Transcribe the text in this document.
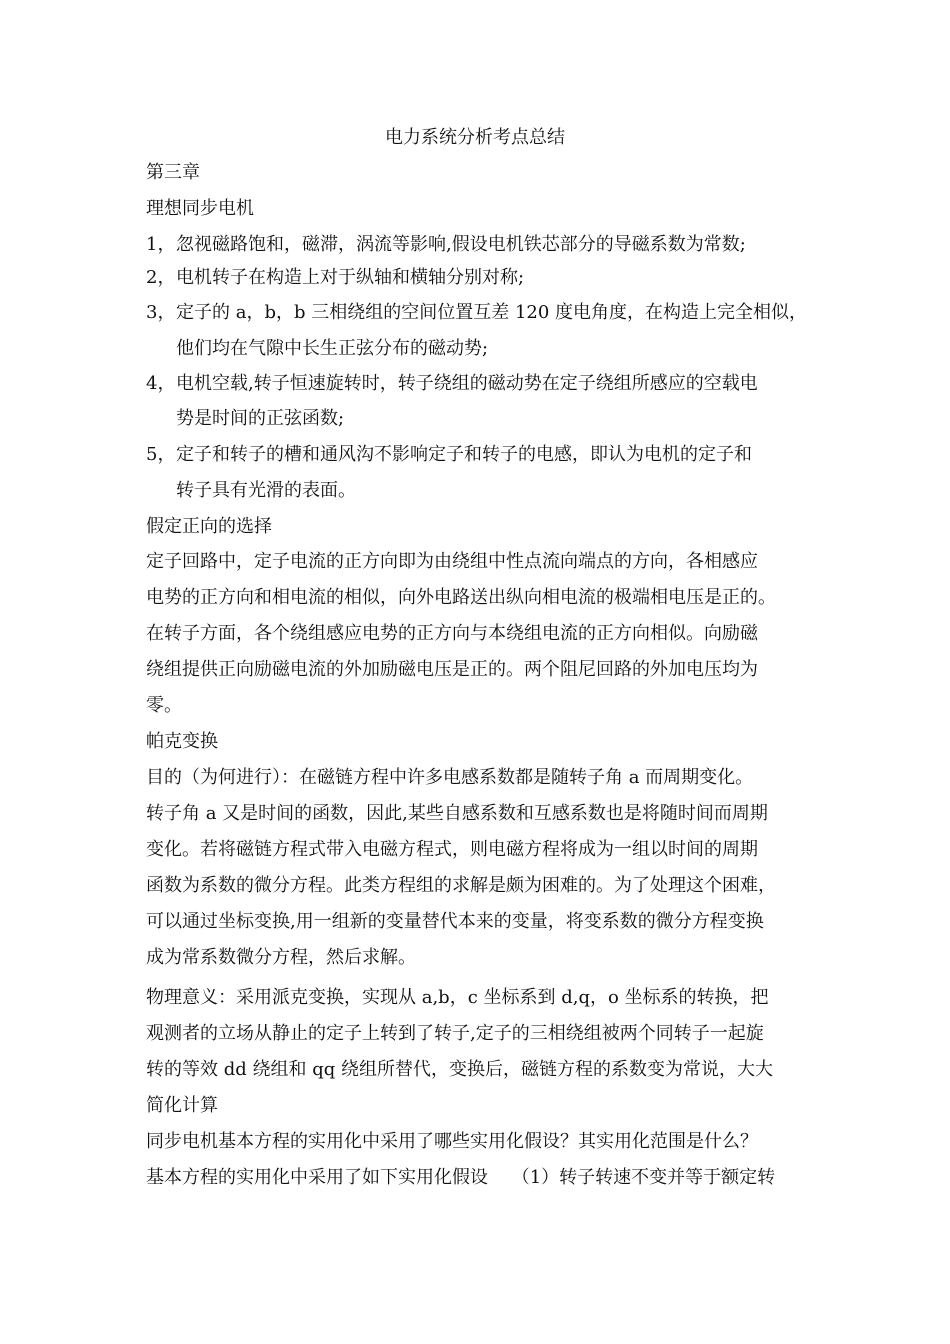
电力系统分析考点总结
第三章
理想同步电机
1，忽视磁路饱和，磁滞，涡流等影响,假设电机铁芯部分的导磁系数为常数;
2，电机转子在构造上对于纵轴和横轴分别对称;
3，定子的 a，b，b 三相绕组的空间位置互差 120 度电角度，在构造上完全相似，
他们均在气隙中长生正弦分布的磁动势;
4，电机空载,转子恒速旋转时，转子绕组的磁动势在定子绕组所感应的空载电
势是时间的正弦函数;
5，定子和转子的槽和通风沟不影响定子和转子的电感，即认为电机的定子和
转子具有光滑的表面。
假定正向的选择
定子回路中，定子电流的正方向即为由绕组中性点流向端点的方向，各相感应
电势的正方向和相电流的相似，向外电路送出纵向相电流的极端相电压是正的。
在转子方面，各个绕组感应电势的正方向与本绕组电流的正方向相似。向励磁
绕组提供正向励磁电流的外加励磁电压是正的。两个阻尼回路的外加电压均为
零。
帕克变换
目的（为何进行）：在磁链方程中许多电感系数都是随转子角 a 而周期变化。
转子角 a 又是时间的函数，因此,某些自感系数和互感系数也是将随时间而周期
变化。若将磁链方程式带入电磁方程式，则电磁方程将成为一组以时间的周期
函数为系数的微分方程。此类方程组的求解是颇为困难的。为了处理这个困难，
可以通过坐标变换,用一组新的变量替代本来的变量，将变系数的微分方程变换
成为常系数微分方程，然后求解。
物理意义：采用派克变换，实现从 a,b，c 坐标系到 d,q，o 坐标系的转换，把
观测者的立场从静止的定子上转到了转子,定子的三相绕组被两个同转子一起旋
转的等效 dd 绕组和 qq 绕组所替代，变换后，磁链方程的系数变为常说，大大
简化计算
同步电机基本方程的实用化中采用了哪些实用化假设？其实用化范围是什么？
基本方程的实用化中采用了如下实用化假设　 （1）转子转速不变并等于额定转
